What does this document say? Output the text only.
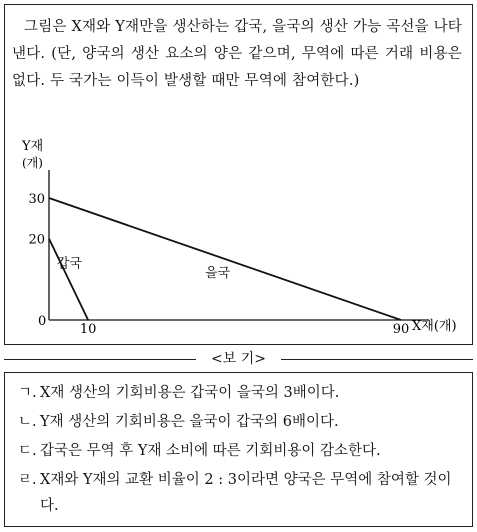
그림은 X재와 Y재만을 생산하는 갑국, 을국의 생산 가능 곡선을 나타낸다. (단, 양국의 생산 요소의 양은 같으며, 무역에 따른 거래 비용은 없다. 두 국가는 이득이 발생할 때만 무역에 참여한다.)
Y재
(개)
X재(개)
0
갑국
을국
10	90
30
20
<보 기>
ㄱ. X재 생산의 기회비용은 갑국이 을국의 3배이다.
ㄴ. Y재 생산의 기회비용은 을국이 갑국의 6배이다.
ㄷ. 갑국은 무역 후 Y재 소비에 따른 기회비용이 감소한다.
ㄹ. X재와 Y재의 교환 비율이 2 : 3이라면 양국은 무역에 참여할 것이다.
